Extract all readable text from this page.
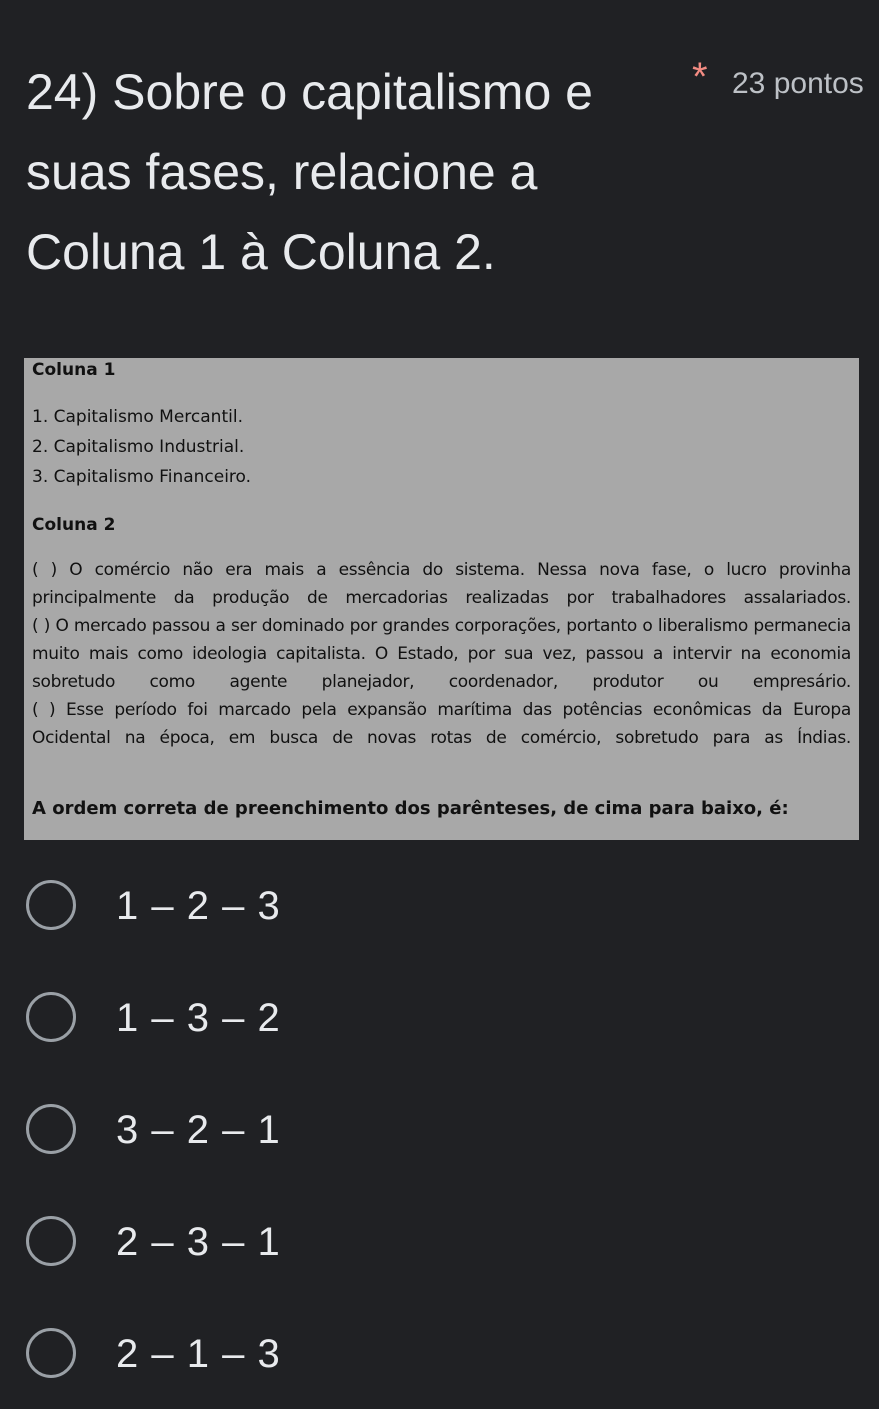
24) Sobre o capitalismo e suas fases, relacione a Coluna 1 à Coluna 2.
* 23 pontos
Coluna 1
1. Capitalismo Mercantil.
2. Capitalismo Industrial.
3. Capitalismo Financeiro.
Coluna 2
( ) O comércio não era mais a essência do sistema. Nessa nova fase, o lucro provinha principalmente da produção de mercadorias realizadas por trabalhadores assalariados.
( ) O mercado passou a ser dominado por grandes corporações, portanto o liberalismo permanecia muito mais como ideologia capitalista. O Estado, por sua vez, passou a intervir na economia sobretudo como agente planejador, coordenador, produtor ou empresário.
( ) Esse período foi marcado pela expansão marítima das potências econômicas da Europa Ocidental na época, em busca de novas rotas de comércio, sobretudo para as Índias.
A ordem correta de preenchimento dos parênteses, de cima para baixo, é:
1 – 2 – 3
1 – 3 – 2
3 – 2 – 1
2 – 3 – 1
2 – 1 – 3
